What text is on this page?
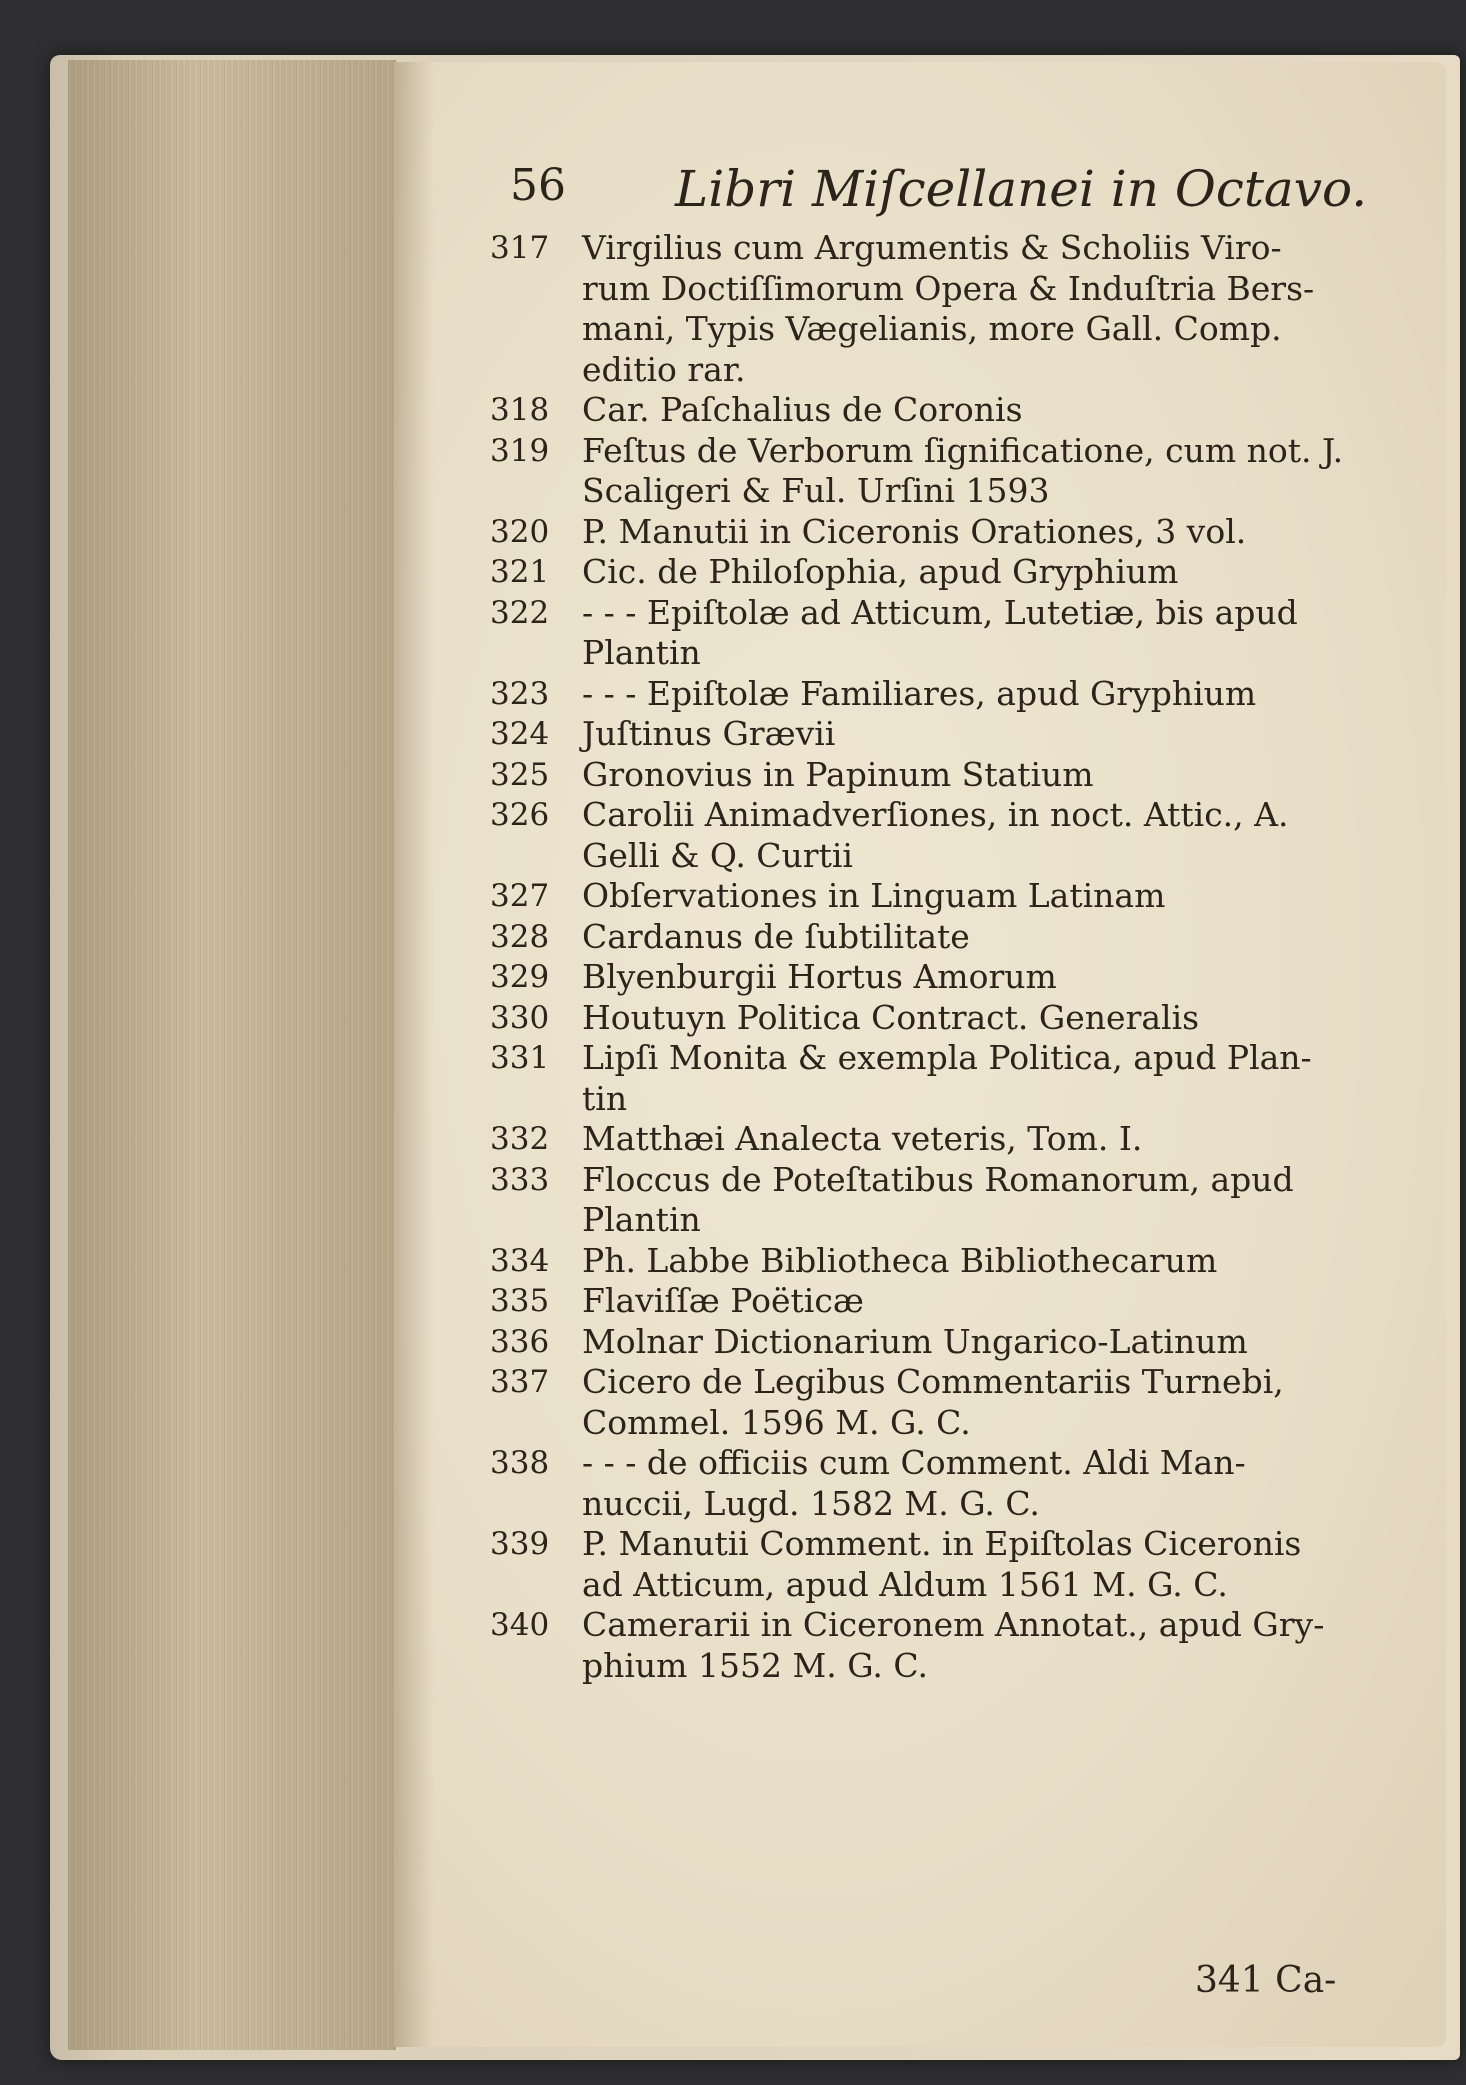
56 Libri Miſcellanei in Octavo.
317 Virgilius cum Argumentis & Scholiis Viro-
rum Doctiſſimorum Opera & Induſtria Bers-
mani, Typis Vægelianis, more Gall. Comp.
editio rar.
318 Car. Paſchalius de Coronis
319 Feſtus de Verborum ſignificatione, cum not. J.
Scaligeri & Ful. Urſini 1593
320 P. Manutii in Ciceronis Orationes, 3 vol.
321 Cic. de Philoſophia, apud Gryphium
322 - - - Epiſtolæ ad Atticum, Lutetiæ, bis apud
Plantin
323 - - - Epiſtolæ Familiares, apud Gryphium
324 Juſtinus Grævii
325 Gronovius in Papinum Statium
326 Carolii Animadverſiones, in noct. Attic., A.
Gelli & Q. Curtii
327 Obſervationes in Linguam Latinam
328 Cardanus de ſubtilitate
329 Blyenburgii Hortus Amorum
330 Houtuyn Politica Contract. Generalis
331 Lipſi Monita & exempla Politica, apud Plan-
tin
332 Matthæi Analecta veteris, Tom. I.
333 Floccus de Poteſtatibus Romanorum, apud
Plantin
334 Ph. Labbe Bibliotheca Bibliothecarum
335 Flaviſſæ Poëticæ
336 Molnar Dictionarium Ungarico-Latinum
337 Cicero de Legibus Commentariis Turnebi,
Commel. 1596 M. G. C.
338 - - - de officiis cum Comment. Aldi Man-
nuccii, Lugd. 1582 M. G. C.
339 P. Manutii Comment. in Epiſtolas Ciceronis
ad Atticum, apud Aldum 1561 M. G. C.
340 Camerarii in Ciceronem Annotat., apud Gry-
phium 1552 M. G. C.
341 Ca-
